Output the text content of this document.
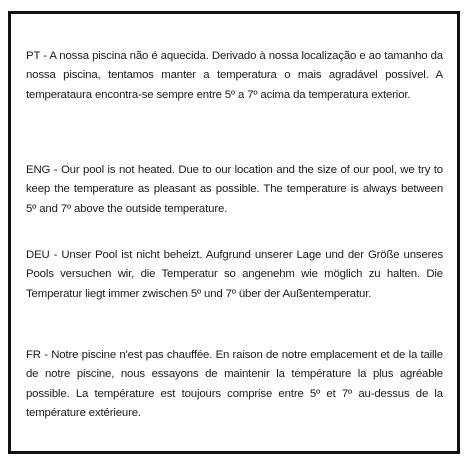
PT - A nossa piscina não é aquecida. Derivado à nossa localização e ao tamanho da nossa piscina, tentamos manter a temperatura o mais agradável possível. A temperataura encontra-se sempre entre 5º a 7º acima da temperatura exterior.

ENG - Our pool is not heated. Due to our location and the size of our pool, we try to keep the temperature as pleasant as possible. The temperature is always between 5º and 7º above the outside temperature.

DEU - Unser Pool ist nicht beheizt. Aufgrund unserer Lage und der Größe unseres Pools versuchen wir, die Temperatur so angenehm wie möglich zu halten. Die Temperatur liegt immer zwischen 5º und 7º über der Außentemperatur.

FR - Notre piscine n'est pas chauffée. En raison de notre emplacement et de la taille de notre piscine, nous essayons de maintenir la température la plus agréable possible. La température est toujours comprise entre 5º et 7º au-dessus de la température extérieure.
